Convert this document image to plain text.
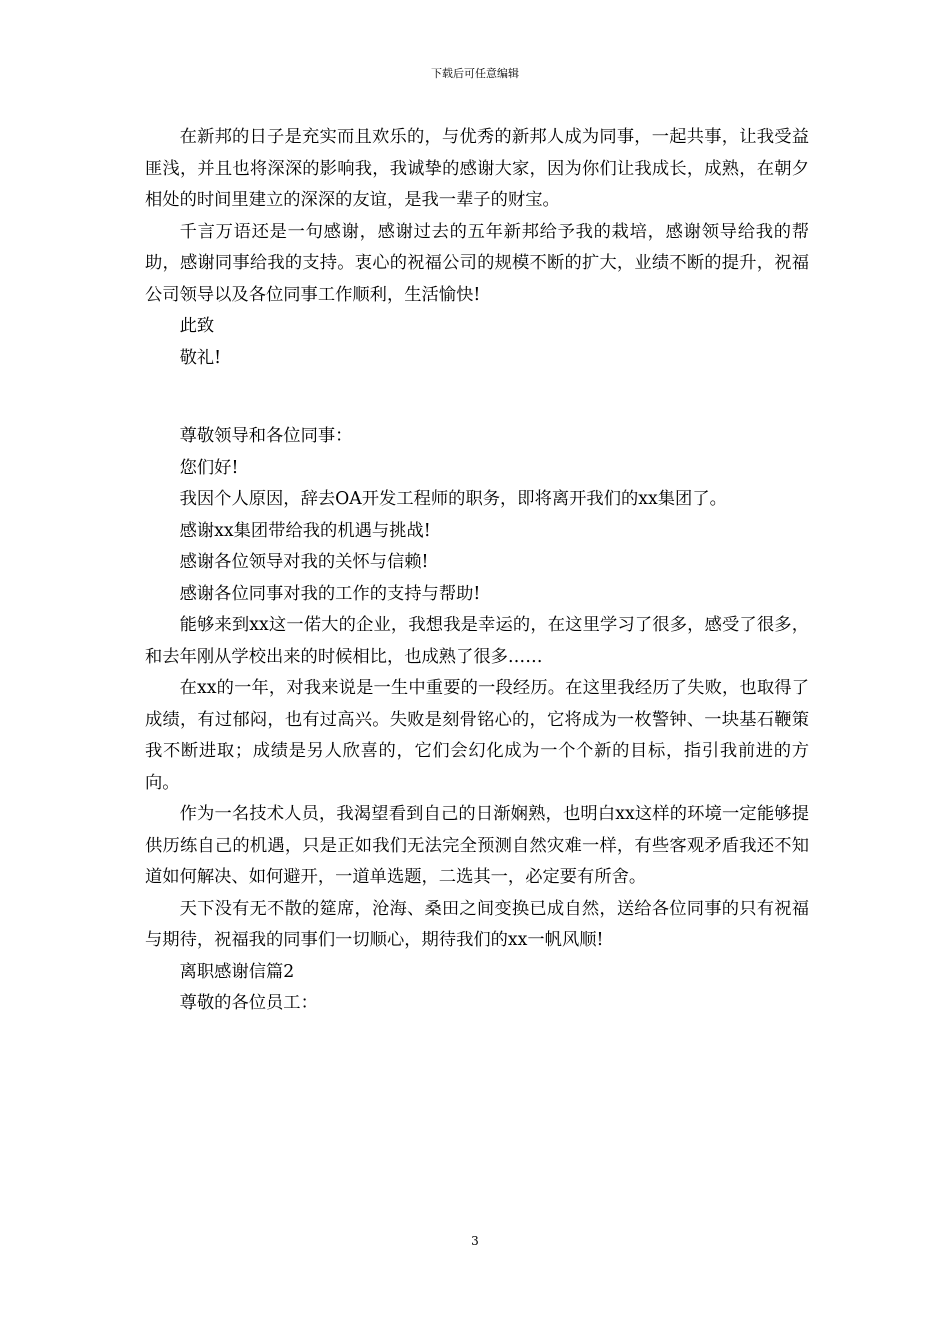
下载后可任意编辑

在新邦的日子是充实而且欢乐的，与优秀的新邦人成为同事，一起共事，让我受益匪浅，并且也将深深的影响我，我诚挚的感谢大家，因为你们让我成长，成熟，在朝夕相处的时间里建立的深深的友谊，是我一辈子的财宝。

千言万语还是一句感谢，感谢过去的五年新邦给予我的栽培，感谢领导给我的帮助，感谢同事给我的支持。衷心的祝福公司的规模不断的扩大，业绩不断的提升，祝福公司领导以及各位同事工作顺利，生活愉快!

此致

敬礼!

尊敬领导和各位同事：

您们好!

我因个人原因，辞去OA开发工程师的职务，即将离开我们的xx集团了。

感谢xx集团带给我的机遇与挑战!

感谢各位领导对我的关怀与信赖!

感谢各位同事对我的工作的支持与帮助!

能够来到xx这一偌大的企业，我想我是幸运的，在这里学习了很多，感受了很多，和去年刚从学校出来的时候相比，也成熟了很多……

在xx的一年，对我来说是一生中重要的一段经历。在这里我经历了失败，也取得了成绩，有过郁闷，也有过高兴。失败是刻骨铭心的，它将成为一枚警钟、一块基石鞭策我不断进取；成绩是另人欣喜的，它们会幻化成为一个个新的目标，指引我前进的方向。

作为一名技术人员，我渴望看到自己的日渐娴熟，也明白xx这样的环境一定能够提供历练自己的机遇，只是正如我们无法完全预测自然灾难一样，有些客观矛盾我还不知道如何解决、如何避开，一道单选题，二选其一，必定要有所舍。

天下没有无不散的筵席，沧海、桑田之间变换已成自然，送给各位同事的只有祝福与期待，祝福我的同事们一切顺心，期待我们的xx一帆风顺!

离职感谢信篇2

尊敬的各位员工：

3
